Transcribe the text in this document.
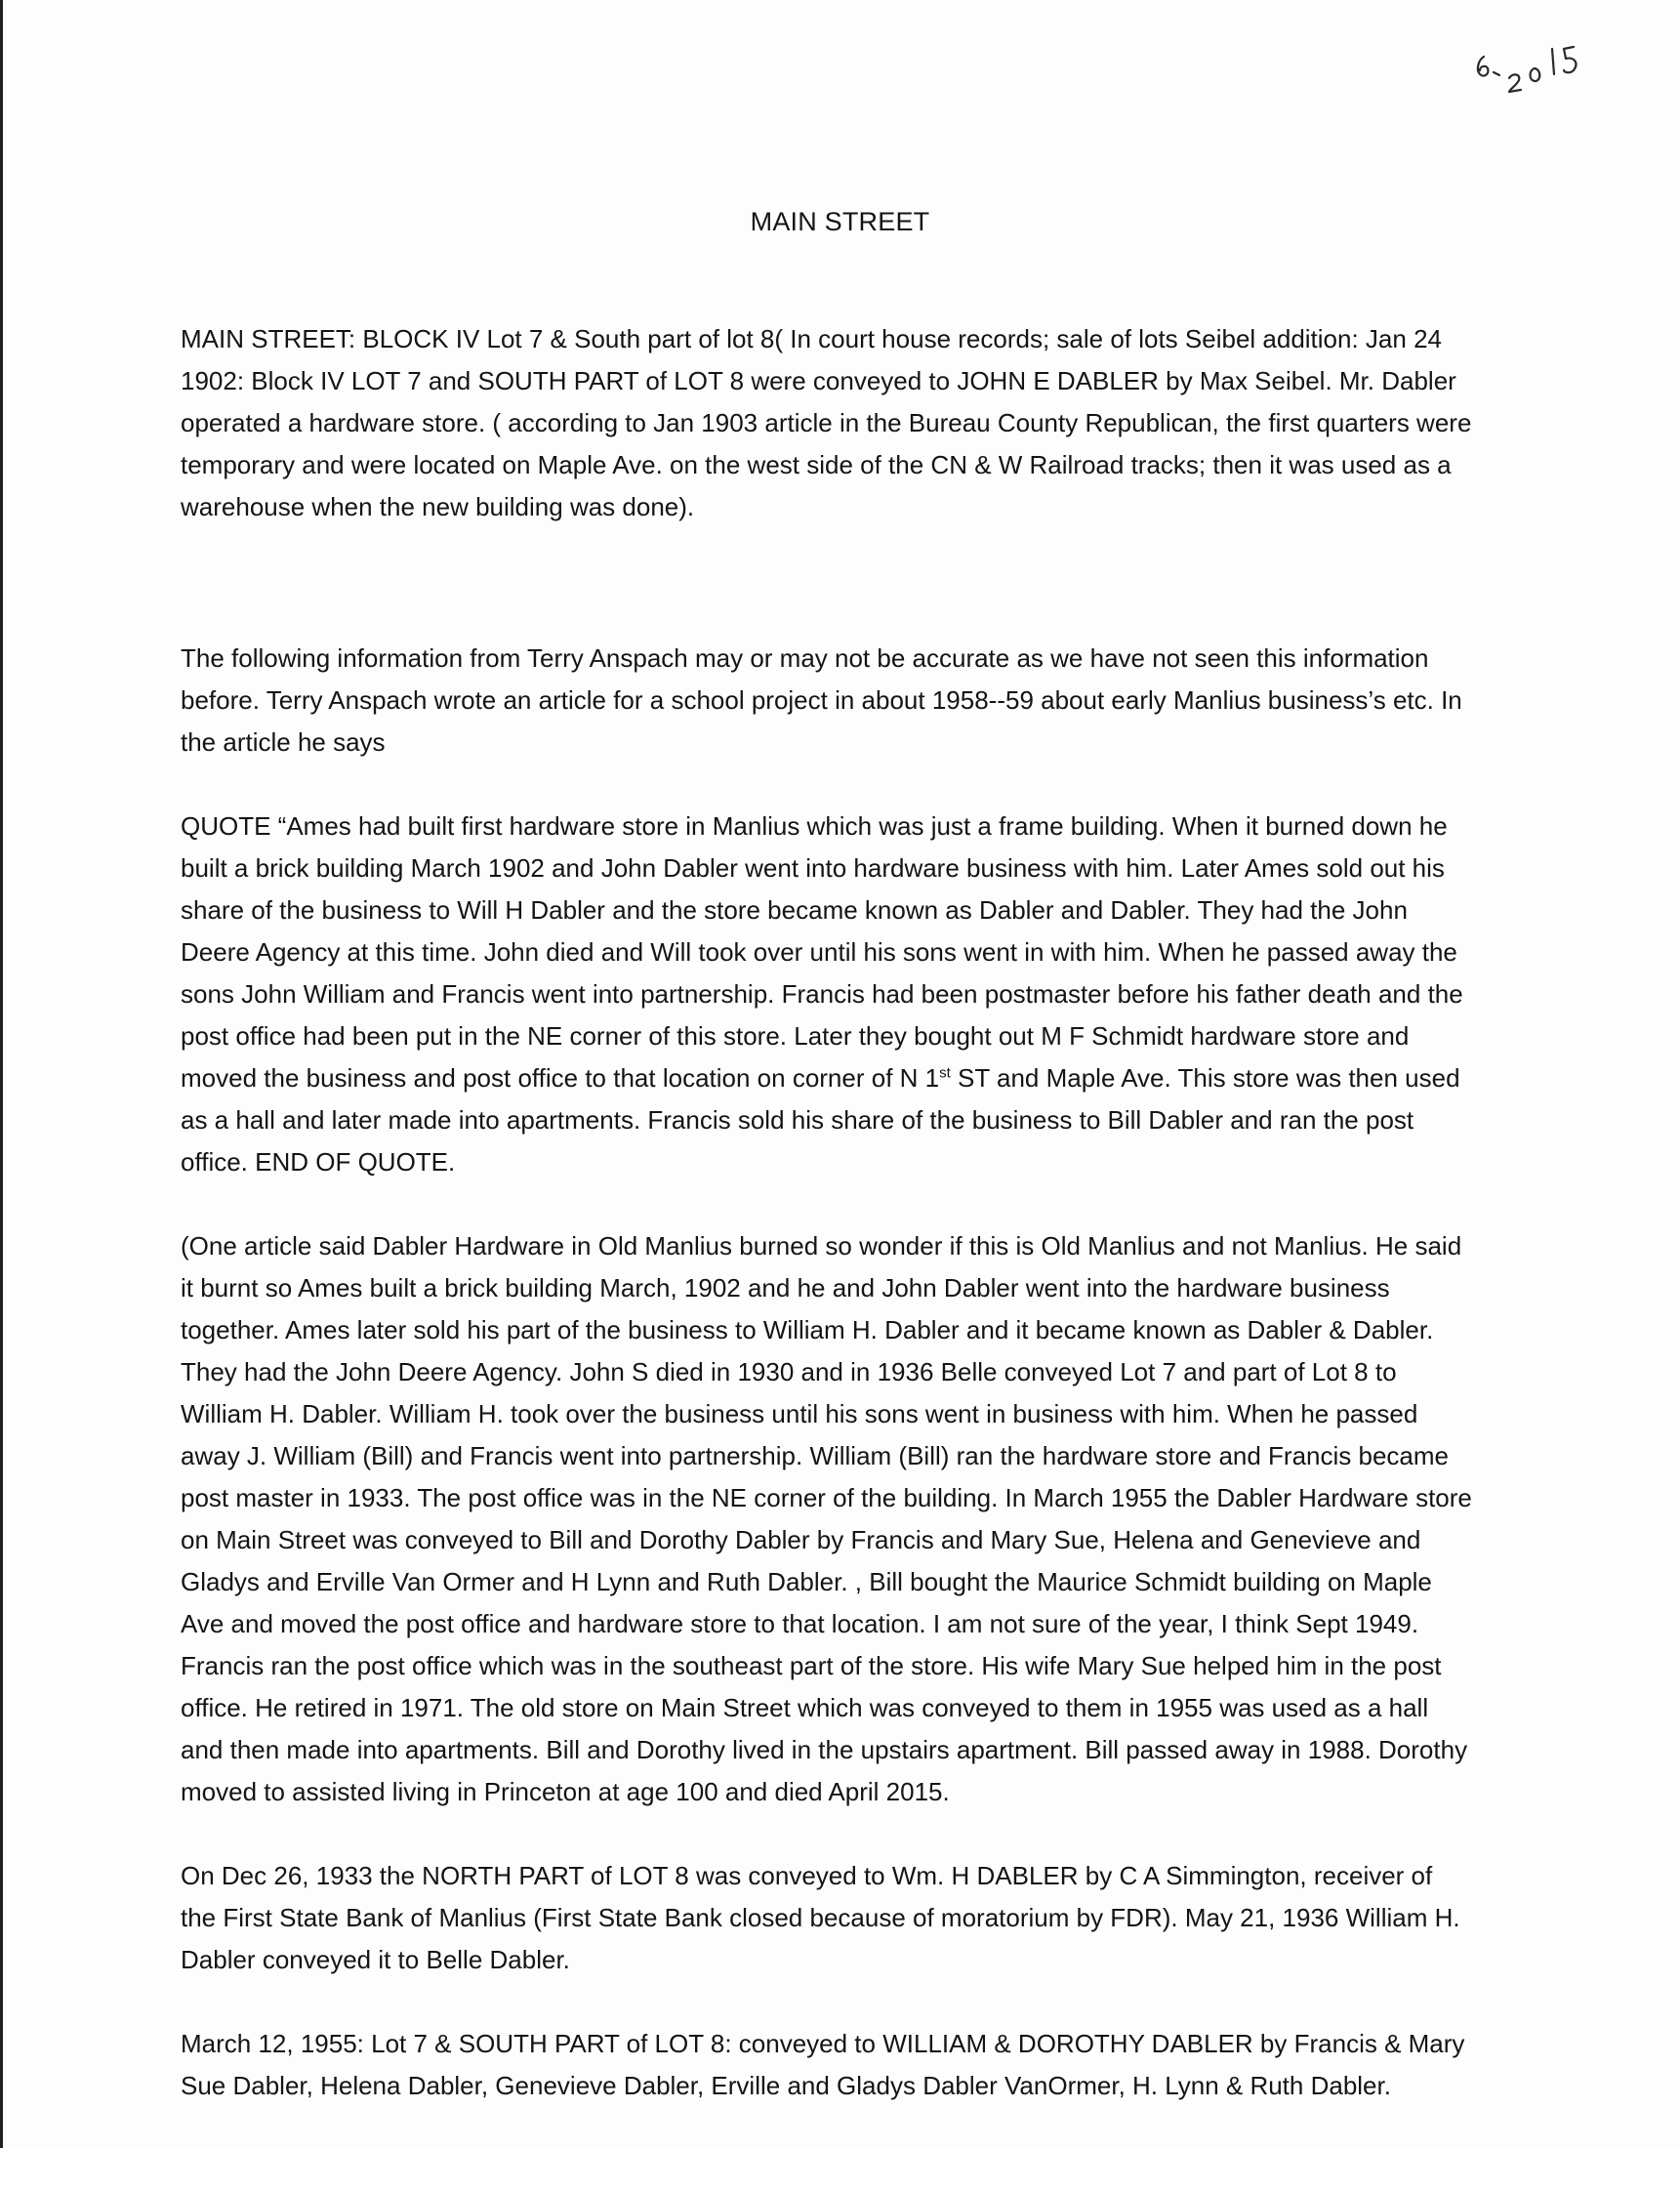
MAIN STREET

MAIN STREET: BLOCK IV Lot 7 & South part of lot 8( In court house records; sale of lots Seibel addition: Jan 24 1902: Block IV LOT 7 and SOUTH PART of LOT 8 were conveyed to JOHN E DABLER by Max Seibel. Mr. Dabler operated a hardware store. ( according to Jan 1903 article in the Bureau County Republican, the first quarters were temporary and were located on Maple Ave. on the west side of the CN & W Railroad tracks; then it was used as a warehouse when the new building was done).

The following information from Terry Anspach may or may not be accurate as we have not seen this information before. Terry Anspach wrote an article for a school project in about 1958--59 about early Manlius business’s etc. In the article he says

QUOTE “Ames had built first hardware store in Manlius which was just a frame building. When it burned down he built a brick building March 1902 and John Dabler went into hardware business with him. Later Ames sold out his share of the business to Will H Dabler and the store became known as Dabler and Dabler. They had the John Deere Agency at this time. John died and Will took over until his sons went in with him. When he passed away the sons John William and Francis went into partnership. Francis had been postmaster before his father death and the post office had been put in the NE corner of this store. Later they bought out M F Schmidt hardware store and moved the business and post office to that location on corner of N 1st ST and Maple Ave. This store was then used as a hall and later made into apartments. Francis sold his share of the business to Bill Dabler and ran the post office. END OF QUOTE.

(One article said Dabler Hardware in Old Manlius burned so wonder if this is Old Manlius and not Manlius. He said it burnt so Ames built a brick building March, 1902 and he and John Dabler went into the hardware business together. Ames later sold his part of the business to William H. Dabler and it became known as Dabler & Dabler. They had the John Deere Agency. John S died in 1930 and in 1936 Belle conveyed Lot 7 and part of Lot 8 to William H. Dabler. William H. took over the business until his sons went in business with him. When he passed away J. William (Bill) and Francis went into partnership. William (Bill) ran the hardware store and Francis became post master in 1933. The post office was in the NE corner of the building. In March 1955 the Dabler Hardware store on Main Street was conveyed to Bill and Dorothy Dabler by Francis and Mary Sue, Helena and Genevieve and Gladys and Erville Van Ormer and H Lynn and Ruth Dabler. , Bill bought the Maurice Schmidt building on Maple Ave and moved the post office and hardware store to that location. I am not sure of the year, I think Sept 1949. Francis ran the post office which was in the southeast part of the store. His wife Mary Sue helped him in the post office. He retired in 1971. The old store on Main Street which was conveyed to them in 1955 was used as a hall and then made into apartments. Bill and Dorothy lived in the upstairs apartment. Bill passed away in 1988. Dorothy moved to assisted living in Princeton at age 100 and died April 2015.

On Dec 26, 1933 the NORTH PART of LOT 8 was conveyed to Wm. H DABLER by C A Simmington, receiver of the First State Bank of Manlius (First State Bank closed because of moratorium by FDR). May 21, 1936 William H. Dabler conveyed it to Belle Dabler.

March 12, 1955: Lot 7 & SOUTH PART of LOT 8: conveyed to WILLIAM & DOROTHY DABLER by Francis & Mary Sue Dabler, Helena Dabler, Genevieve Dabler, Erville and Gladys Dabler VanOrmer, H. Lynn & Ruth Dabler.
